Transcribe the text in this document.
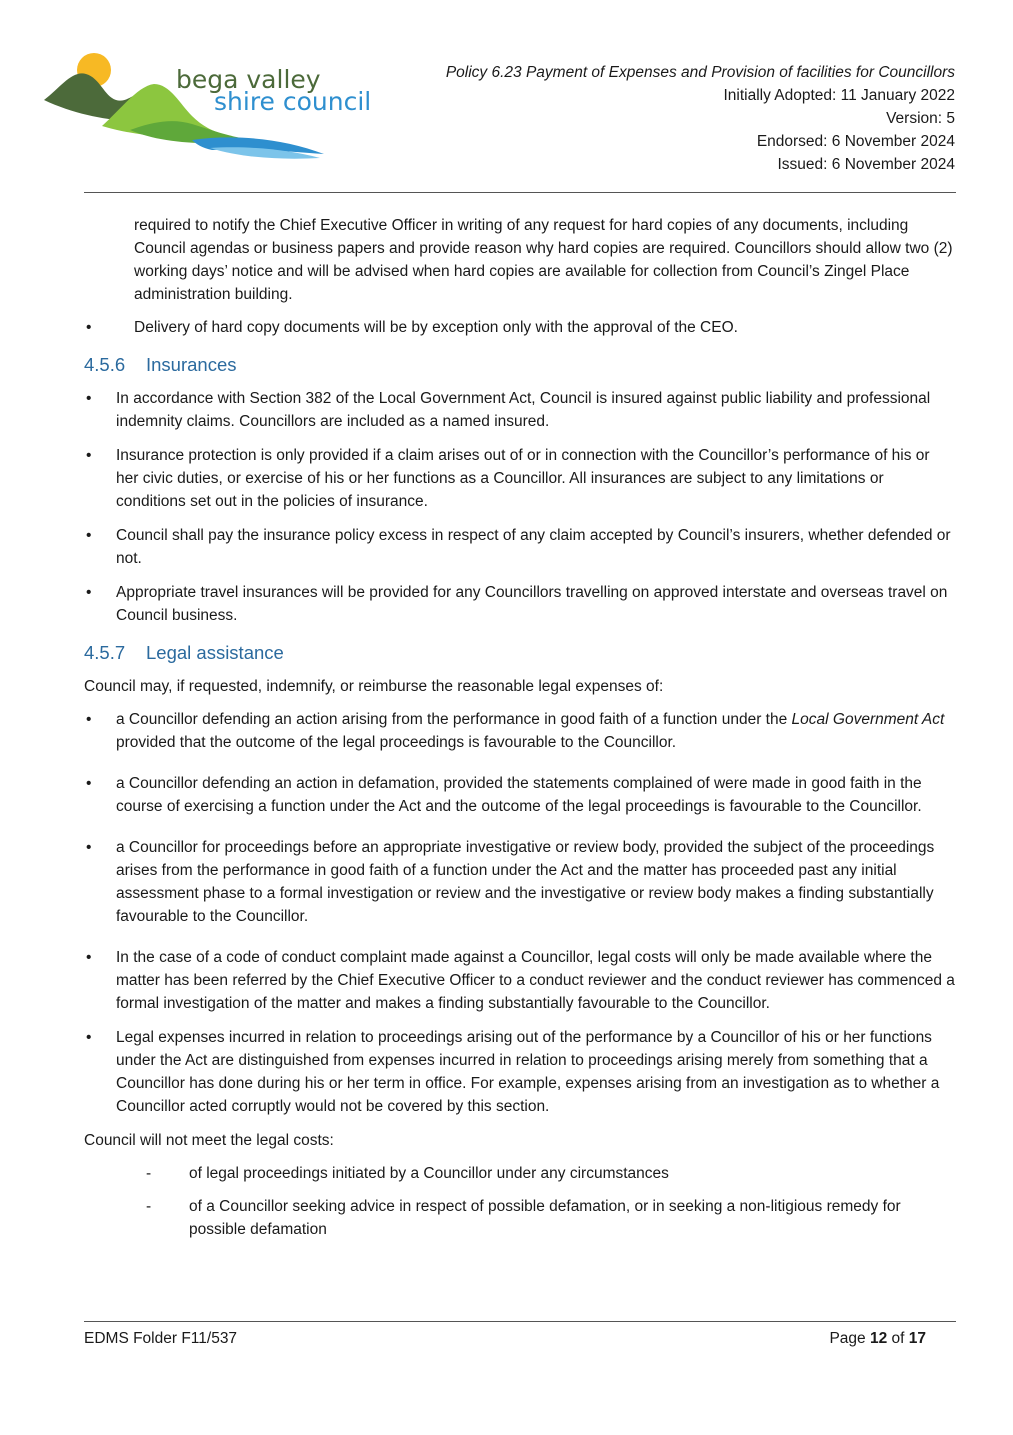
bega valley
shire council
Policy 6.23 Payment of Expenses and Provision of facilities for Councillors
Initially Adopted: 11 January 2022
Version: 5
Endorsed: 6 November 2024
Issued: 6 November 2024

required to notify the Chief Executive Officer in writing of any request for hard copies of any documents, including Council agendas or business papers and provide reason why hard copies are required. Councillors should allow two (2) working days’ notice and will be advised when hard copies are available for collection from Council’s Zingel Place administration building.

•	Delivery of hard copy documents will be by exception only with the approval of the CEO.
4.5.6 Insurances
• In accordance with Section 382 of the Local Government Act, Council is insured against public liability and professional indemnity claims. Councillors are included as a named insured.
• Insurance protection is only provided if a claim arises out of or in connection with the Councillor’s performance of his or her civic duties, or exercise of his or her functions as a Councillor. All insurances are subject to any limitations or conditions set out in the policies of insurance.
• Council shall pay the insurance policy excess in respect of any claim accepted by Council’s insurers, whether defended or not.
• Appropriate travel insurances will be provided for any Councillors travelling on approved interstate and overseas travel on Council business.
4.5.7 Legal assistance

Council may, if requested, indemnify, or reimburse the reasonable legal expenses of:

• a Councillor defending an action arising from the performance in good faith of a function under the Local Government Act provided that the outcome of the legal proceedings is favourable to the Councillor.
• a Councillor defending an action in defamation, provided the statements complained of were made in good faith in the course of exercising a function under the Act and the outcome of the legal proceedings is favourable to the Councillor.
• a Councillor for proceedings before an appropriate investigative or review body, provided the subject of the proceedings arises from the performance in good faith of a function under the Act and the matter has proceeded past any initial assessment phase to a formal investigation or review and the investigative or review body makes a finding substantially favourable to the Councillor.
• In the case of a code of conduct complaint made against a Councillor, legal costs will only be made available where the matter has been referred by the Chief Executive Officer to a conduct reviewer and the conduct reviewer has commenced a formal investigation of the matter and makes a finding substantially favourable to the Councillor.
• Legal expenses incurred in relation to proceedings arising out of the performance by a Councillor of his or her functions under the Act are distinguished from expenses incurred in relation to proceedings arising merely from something that a Councillor has done during his or her term in office. For example, expenses arising from an investigation as to whether a Councillor acted corruptly would not be covered by this section.

Council will not meet the legal costs:

- of legal proceedings initiated by a Councillor under any circumstances
- of a Councillor seeking advice in respect of possible defamation, or in seeking a non-litigious remedy for possible defamation
EDMS Folder F11/537	Page 12 of 17
